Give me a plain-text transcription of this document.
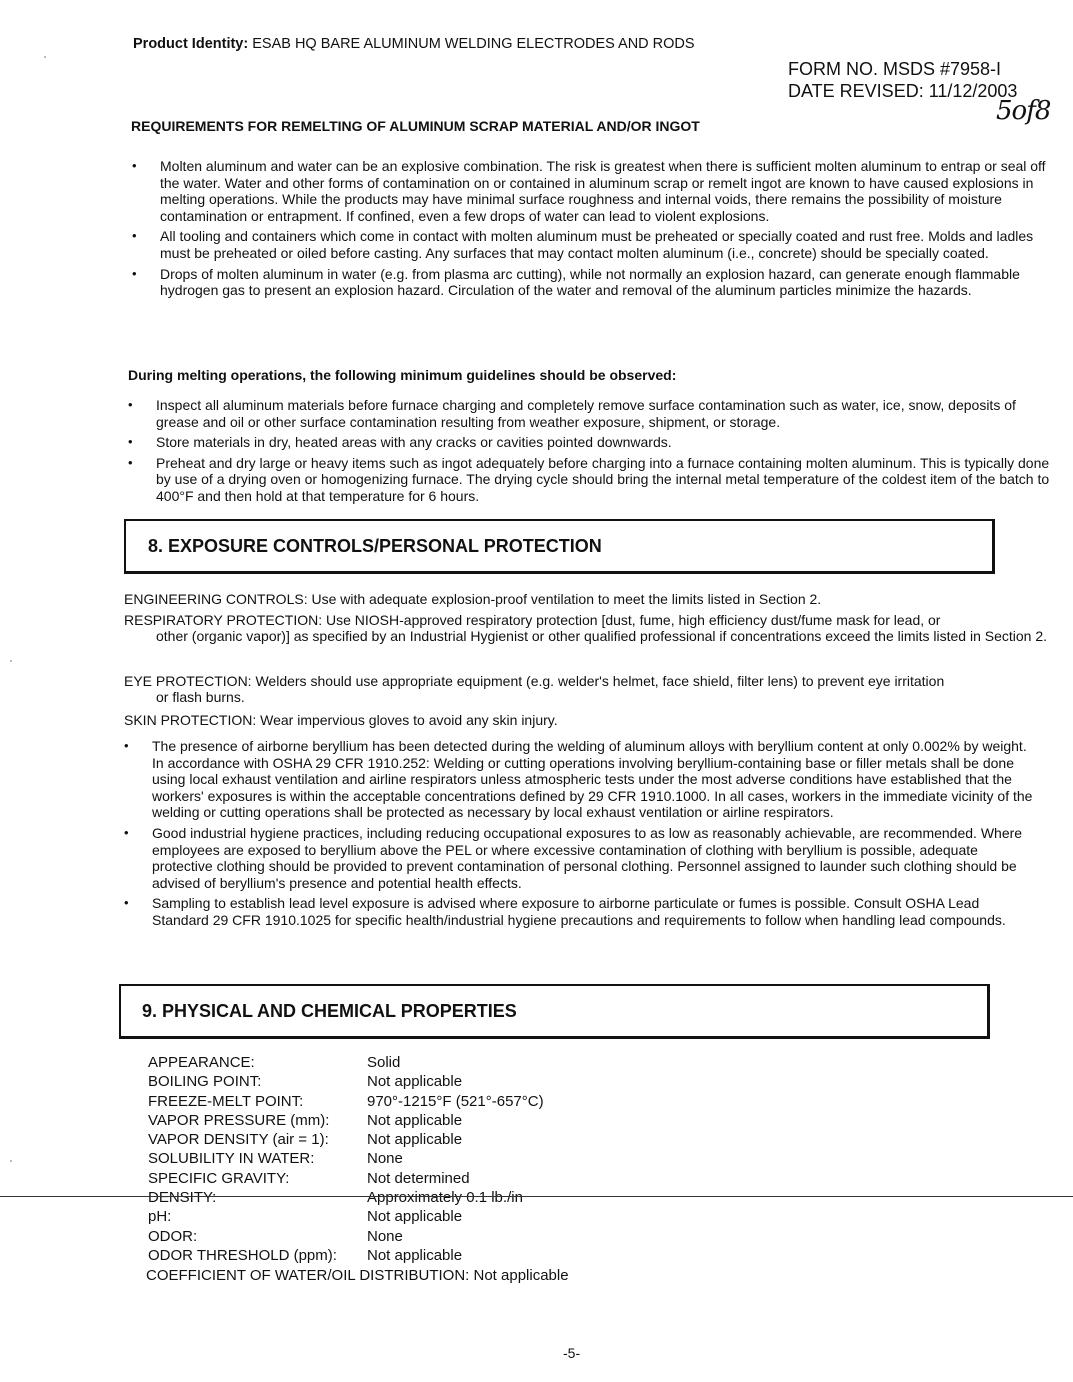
Product Identity: ESAB HQ BARE ALUMINUM WELDING ELECTRODES AND RODS
FORM NO. MSDS #7958-I
DATE REVISED: 11/12/2003
5of8
REQUIREMENTS FOR REMELTING OF ALUMINUM SCRAP MATERIAL AND/OR INGOT
• Molten aluminum and water can be an explosive combination. The risk is greatest when there is sufficient molten aluminum to entrap or seal off the water. Water and other forms of contamination on or contained in aluminum scrap or remelt ingot are known to have caused explosions in melting operations. While the products may have minimal surface roughness and internal voids, there remains the possibility of moisture contamination or entrapment. If confined, even a few drops of water can lead to violent explosions.
• All tooling and containers which come in contact with molten aluminum must be preheated or specially coated and rust free. Molds and ladles must be preheated or oiled before casting. Any surfaces that may contact molten aluminum (i.e., concrete) should be specially coated.
• Drops of molten aluminum in water (e.g. from plasma arc cutting), while not normally an explosion hazard, can generate enough flammable hydrogen gas to present an explosion hazard. Circulation of the water and removal of the aluminum particles minimize the hazards.
During melting operations, the following minimum guidelines should be observed:
• Inspect all aluminum materials before furnace charging and completely remove surface contamination such as water, ice, snow, deposits of grease and oil or other surface contamination resulting from weather exposure, shipment, or storage.
• Store materials in dry, heated areas with any cracks or cavities pointed downwards.
• Preheat and dry large or heavy items such as ingot adequately before charging into a furnace containing molten aluminum. This is typically done by use of a drying oven or homogenizing furnace. The drying cycle should bring the internal metal temperature of the coldest item of the batch to 400°F and then hold at that temperature for 6 hours.
8. EXPOSURE CONTROLS/PERSONAL PROTECTION
ENGINEERING CONTROLS: Use with adequate explosion-proof ventilation to meet the limits listed in Section 2.
RESPIRATORY PROTECTION: Use NIOSH-approved respiratory protection [dust, fume, high efficiency dust/fume mask for lead, or
other (organic vapor)] as specified by an Industrial Hygienist or other qualified professional if concentrations exceed the limits listed in Section 2.
EYE PROTECTION: Welders should use appropriate equipment (e.g. welder's helmet, face shield, filter lens) to prevent eye irritation
or flash burns.
SKIN PROTECTION: Wear impervious gloves to avoid any skin injury.
• The presence of airborne beryllium has been detected during the welding of aluminum alloys with beryllium content at only 0.002% by weight. In accordance with OSHA 29 CFR 1910.252: Welding or cutting operations involving beryllium-containing base or filler metals shall be done using local exhaust ventilation and airline respirators unless atmospheric tests under the most adverse conditions have established that the workers' exposures is within the acceptable concentrations defined by 29 CFR 1910.1000. In all cases, workers in the immediate vicinity of the welding or cutting operations shall be protected as necessary by local exhaust ventilation or airline respirators.
• Good industrial hygiene practices, including reducing occupational exposures to as low as reasonably achievable, are recommended. Where employees are exposed to beryllium above the PEL or where excessive contamination of clothing with beryllium is possible, adequate protective clothing should be provided to prevent contamination of personal clothing. Personnel assigned to launder such clothing should be advised of beryllium's presence and potential health effects.
• Sampling to establish lead level exposure is advised where exposure to airborne particulate or fumes is possible. Consult OSHA Lead Standard 29 CFR 1910.1025 for specific health/industrial hygiene precautions and requirements to follow when handling lead compounds.
9. PHYSICAL AND CHEMICAL PROPERTIES
APPEARANCE:	Solid
BOILING POINT:	Not applicable
FREEZE-MELT POINT:	970°-1215°F (521°-657°C)
VAPOR PRESSURE (mm):	Not applicable
VAPOR DENSITY (air = 1):	Not applicable
SOLUBILITY IN WATER:	None
SPECIFIC GRAVITY:	Not determined
DENSITY:	Approximately 0.1 lb./in
pH:	Not applicable
ODOR:	None
ODOR THRESHOLD (ppm):	Not applicable
COEFFICIENT OF WATER/OIL DISTRIBUTION: Not applicable
-5-
